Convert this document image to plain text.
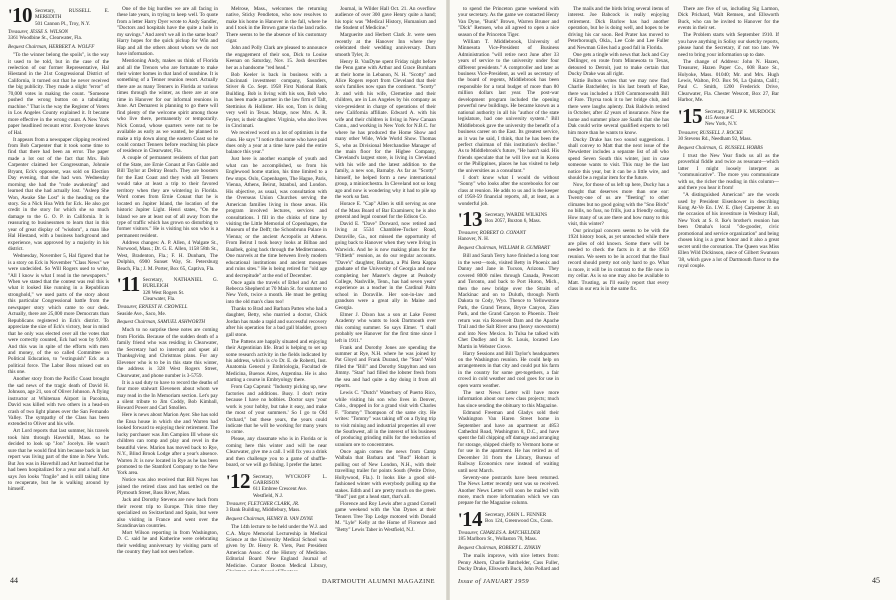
'10 Secretary, RUSSELL E. MEREDITH
501 Cannon Pl., Troy, N.Y.

Treasurer, JESSE S. WILSON
3361 Woodbine St., Clearwater, Fla.

Bequest Chairman, HERBERT A. WOLFF

"To the winner belong the spoils", is the way it used to be told, but in the case of the reelection of our former Representative, Hal Hiestand in the 21st Congressional District of California, it turned out that he never received the big publicity. They made a slight "error" of 70,000 votes in making the count. "Someone pushed the wrong button on a tabulating machine." That is the way the Register of Voters in Los Angeles County explained it. It became more effective in the wrong count. A New York paper headlined recount error. Everyone knows of Hal.

It appears from a newspaper clipping received from Bob Carpenter that it took some time to find that there had been an error. The paper made a lot out of the fact that Mrs. Bob Carpenter claimed her Congressman, Johnnie Bryant, Eck's opponent, was sold on Election Day evening, that she had won. Wednesday morning she had the "rude awakening" and learned that she had actually lost. "Asleep She Won, Awake She Lost" is the heading on the story. So a Nick Hoa With for Eck. He also got credit in the story for which she so much damage to the G. O. P. in California. It is reassuring to businessmen to learn that in this year of great display of "wisdom", a man like Hal Hiestand, with a business background and experience, was approved by a majority in his district.

Wednesday, November 5, Hal figured that he is a story on Eck in November "Class News" we were undecided. So Will Rogers used to write, "All I know is what I read in the newspapers." When we stated that the contest was real this is what it looked like running in a Republican stronghold," we used parts of the story about this particular Congressional battle from the newspaper story which came to our desk. Actually, there are 25,000 more Democrats than Republicans registered in Eck's district. To appreciate the size of Eck's victory, bear in mind that he only was elected over all the votes that were correctly counted, Eck had won by 9,000. And this was in spite of the efforts with men and money, of the so called Committee on Political Education, to "extinguish" Eck as a political force. The Labor Boss missed out on this one.

Another story from the Pacific Coast brought the sad news of the tragic death of David H. Johnson, age 21, son of Oliver Johnson. A flying instructor at Whiteman Airport in Pacoima, David was killed with two others in a head-on crash of two light planes over the San Fernando Valley. The sympathy of the Class has been extended to Oliver and his wife.

Art Lord reports that last summer, his travels took him through Haverhill, Mass. so he decided to look up "Jon" Jocelyn. He wasn't sure that he would find him because back in last report was living part of the time in New York. But Jon was in Haverhill and Art learned that he had been hospitalized for a year and a half. Art says Jon looks "fragile" and is still taking time to recuperate, but he is walking around by himself.

One of the big hurdles we are all facing in these late years, in trying to keep well. To quote from a letter Harry Dyer wrote to Andy Sandler, "Doctors and hospitals have the quite a hole in my savings." And aren't we all in the same boat? Harry hopes for the quick pickup for Win and Hap and all the others about whom we do not have information.

Mentioning Andy, makes us think of Florida and all the Trenors who are fortunate to make their winter homes in that land of sunshine. It is something of a Tenner reunion resort. Actually there are as many Tenners in Florida at various times through the winter, as there are at one time in Hanover for our informal reunions in June. Art Demarest is planning to go there will find plenty of the welcome spirit among those who live there, permanently or temporarily. Nick Conrad, whose quarters were not to be available as early as we wanted, be planned to make a trip down along the eastern Coast so he could contact Tenners before reaching his place of residence in Clearwater, Fla.

A couple of permanent residents of that part of the State, are Ernie Conaut at Fan Gable and Bill Taylor at Delray Beach. They are boosters for the East Coast and they wish all Tenners would take at least a trip to their favored territory when they are wintering in Florida. Word comes from Ernie Conaut that he is located on Jupiter Island, the location of the historic Jupiter Light. Henri states, "On the Island we are at least out of all away from the type of traffic which has grown so disturbing to former visitors." He is visiting his son who is a permanent resident.

Address changes: A. P. Allen, 4 Walgate St., Norwood, Mass.; Dr. G. E. Allen, 1158 58th St., West, Bradenton, Fla.; F. H. Dunham, The Dolphin, 6900 Sunset Way, St. Petersburg Beach, Fla.; J. M. Porter, Box 65, Captiva, Fla.

'11 Secretary, NATHANIEL G. BURLEIGH
328 West Rogers St.
Clearwater, Fla.

Treasurer, ERNEST H. CROWELL
Seaside Ave., Saco, Me.

Bequest Chairman, SAMUEL ASHWORTH

Much to no surprise these notes are coming from Florida. Because of the sudden death of a family friend who was residing in Clearwater, the Secretary had to interrupt and upset all Thanksgiving and Christmas plans. For any Elevener who is to be in this state this winter, the address is 328 West Rogers Street, Clearwater, and phone number is 3-5759.

It is a sad duty to have to record the deaths of four more stalwart Eleveners about whom we may read in the In Memoriam section. Let's pay a silent tribute to Jim Coddy, Bob Kimball, Howard Power and Carl Smollen.

Here is news about Marion Ayer. She has sold the Ensa house in which she and Warren had looked forward to enjoying their retirement. The lucky purchaser was Jim Campion III whose six children can romp and play and revel in the beautiful view. Marion has moved back to Rye, N.Y., Blind Brook Lodge after a year's absence. Warren Jr. is now located in Rye as he has been promoted to the Stamford Company to the New York area.

Notice was also received that Bill Noyes has joined the retired class and has settled on the Plymouth Street, Bass River, Mass.

Jack and Dorothy Stevens are now back from their recent trip to Europe. This time they specialized on Switzerland and Spain, but were also visiting in France and went over the Scandinavian countries.

Mort Wilson reporting in from Washington, D. C. said he and Katherine were celebrating their wedding anniversary by visiting parts of the country they had not seen before.

Melrose, Mass., welcomes the returning native, Sticky Pendleton, who now resolves to make his home in Hanover in the fall, where he and I took in the Brown game via the land radio. There seems to be the absence of his customary cigar.

John and Polly Clark are pleased to announce the engagement of their son, Dick to Louise Keenan on Saturday, Nov. 15. Josh describes her as a handsome "red head."

Bob Keeler is back in business with a Cincinnati investment company, Saunders, Stiver & Co. Sept. 1958 First National Bank Building. Bob is living with his son, Bob who has been made a partner in the law firm of Taft, Stettinius & Hollister. His son, Tom is doing very well in Texas. Marge, now Mrs. A. R. Feyter, is their daughter. Virginia, who also lives in Cincinnati.

We received word on a lot of optimists in the class. He says "I notice that some who have paid dues only a year at a time have paid the entire balance this year."

Just here is another example of youth and what can be accomplished, so from his Englewood home station, his time limited to a few stops. Oslo, Copenhagen, The Hague, Paris, Vienna, Athens, Beirut, Istanbul, and London. His objective, as usual, was consultation with the Overseas Union Churches serving the American families living in those areas. His program involved lectures, services and consultations. I fill in the chinks of time by visiting the Little Memorial of Copenhagen, the Museum of the Delft; the Schonbrunn Palace in Vienna; or the ancient Acropolis at Athens. From Beirut I took heavy looks at Bilbao and Baalbek, going back through the Mediterranean. One marvels at the time between lively modern educational institutions and ancient mosques and ruins sites." He is being retired for "old age and decrepitude" at the end of December.

Once again the travels of Ethel and Art and Rebecca Shepherd at 70 Main St. for summer to New York, twice a month. He must be getting into the old man's class too!

Thanks to Brad and Barbara Patten who had a daughter, Betty, who married a doctor, Chick Jordan has made a rapid and successful recovery after his operation for a bad gall bladder, grown gall stone.

The Pattens are happily situated and enjoying their Argentinian life. Brad is helping to set up some research activity in the fields indicated by his address, which is c/o Dr. E. de Roberti, Inst. Anatomia General y Embriologia, Facultad de Medicina, Buenos Aires, Argentina. He is also starting a course in Embryology there.

From Cap Capruni: "Industry picking up, new factories and additions. Busy. I don't retire because I have no hobbies. Doctor says 'your work is your hobby, but take it easy, and make the most of your summers.' So I go to Old Orchard," but these years, the years could indicate that he will be working for many years to come.

Please, any classmate who is in Florida or is coming here this winter and will be near Clearwater, give me a call. I will fix you a drink and then challenge you to a game of shuffle-board, or we will go fishing. I prefer the latter.

'12 Secretary, WYCKOFF L. GARRISON
611 Embree Crescent Ave.
Westfield, N.J.

Treasurer, FLETCHER CLARK, JR.
3 Bank Building, Middlebury, Mass.

Bequest Chairman, HENRY B. VAN DYNE

The 14th lecture to be held under the W.J. and C.A. Mayo Memorial Lectureship in Medical Science at the University Medical School was given by Dr. Henry R. Viets, Past President American Assoc. of the History of Medicine. Editorial Board New England Journal of Medicine. Curator Boston Medical Library,

Journal, in Wilder Hall Oct. 21. An overflow audience of over 300 gave Henry quite a hand; his topic was "Medical History, Humanism and the Student of Medicine."

Marguerite and Herbert Clark Jr. were seen recently at the Hanover Inn where they celebrated their wedding anniversary. Durn smooth Tyler, Jr.

Henry B. VanDyne spent Friday night before the Penn game with Arthur and Grace Burnham at their home in Lebanon, N. H. "Scotty" and Alice Rogers report from Cleveland that their son's families now span the continent. "Scotty" Jr. and with his wife, Clemetine and their children, are in Los Angeles by his company as vice-president in charge of operations of their new California affiliate. Edward A. with his wife and their children is living in New Canaan Conn., and working in New York for N.B.C. for where he has produced the Home Show and many other Wide, Wide World Show. Thomas S., who as Divisional Merchandise Manager of the main floor for the Higbee Company, Cleveland's largest store, is living in Cleveland with his wife and the latest addition to the family, a new son, Barnaby. As far as "Scotty" himself, he helped form a new international group, a miniorchestra. In Cleveland not so long ago and now is wondering why it had to pile up the work so fast.

Horace E. "Cap" Allen is still serving as one of the Mass Board of Bar Examiners; he is also general and legal counsel for the Edison Co.

David E. "Dave" Dorward, now retired and living at 5534 Chamblee-Tucker Road, Doraville, Ga., not missed the opportunity of going back to Hanover when they were living in Warwick. And he is now making plans for the "Fiftieth" reunion, as do our regular accounts. "Dave's" daughter, Barbara, a Phi Beta Kappa graduate of the University of Georgia and now completing her Master's degree at Peabody College, Nashville, Tenn., has had seven years' experience as a teacher in the Cardinal Palm school in Doraville. Her son-in-law and grandson were a great ally in Maine and Georgia.

Elmer J. Dixon has a son at Lake Forest Academy who wants to look Dartmouth over this coming summer. So says Elmer. "I shall probably see Hanover for the first time since I left in 1911."

Frank and Dorothy Jones are spending the summer at Rye, N.H. where he was joined by Pat Gloyd and Frank Durand, the "Stan" Wold filled the "Bill" and Dorothy Stapylton and son Jimmy. "Stan" had filled the lobster fresh from the sea and had quite a day doing it from all reports.

Lewis C. "Dutch" Waterbury of Puerto Rico, while visiting his son who lives in Denver, Colo., dropped in for a grand visit with Charles F. "Tommy" Thompson of the same city. He writes: "Tommy" was taking off on a flying trip to visit mining and industrial properties all over the Southwest, all in the interest of his business of producing grinding mills for the reduction of uranium ore to concentrates.

Once again comes the news from Camp Walbala that Barbara and "Bud" Hobart is pulling out of New London, N.H., with their travelling trailer for points South (Petite Drive, Hollywood, Fla.). It looks like a good old-fashioned winter with everybody pulling up the stakes. Edith and I are pretty much on the green. "Bud" just got a head start, that's all.

Florence and Roy Lewis after a grand Cornell game weekend with the Van Dynes at their Tenners Tree Top Lodge motored with Donald M. "Lyle" Kelly at the Home of Florence and "Betty" Lewis Taber in Westfield, N.J.

44	DARTMOUTH ALUMNI MAGAZINE

to spend the Princeton game weekend with your secretary. As the game we contacted Henry Van Dyne, "Bunk" Brown, Warren Bruner and "Dick" Remsen, who all agreed to open a nice season of the Princeton Tiger.

William T. Middlebrook, University of Minnesota Vice-President of Business Administration "will retire next June after 33 years of service to the university under four different presidents." A comptroller and later as business Vice-President, as well as secretary of the board of regents, Middlebrook has been responsible for a total budget of more than 80 million dollars last year. The post-war development program included the opening powerful new buildings. He became known as a national authority in all his "author of the state legislature, had one university system." Bill Middlebrook gave the university the benefit of a business career on the East. Its greatest service, as it was he said, I think, that he has been the perfect chairman of this institution's decline." As to Middlebrook's future, "He hasn't said. His friends speculate that he will live out in Korea or the Philippines, places he has visited to help the universities as a consultant."

I don't know what I would do without "Sonny" who looks after the scorebooks for our class at reunion. He adds to us and is the keeper of 1958-59 financial reports, all, at least, as a wonderful job.

'13 Secretary, WARDE WILKINS
Box 2057, Buxton 6, Mass.

Treasurer, ROBERT O. CONANT
Hanover, N. H.

Bequest Chairman, WILLIAM B. GUMBART

Bill and Sarah Terry have finished a long tour in the west—took, visited Betty in Phoenix and Danny and Jane in Tucson, Arizona. They covered 8000 miles through Canada, Prescott and Toronto, and back to Port Huron, Mich., then the new bridge over the Straits of Mackinac and on to Duluth, through North Dakota to Cody, Wyo. Thence to Yellowstone Park, the Grand Tetons, Bryce Canyon, Zion Park, and the Grand Canyon to Phoenix. Their return was via Roosevelt Dam and the Apache Trail and the Salt River area (heavy snowstorm) and into New Mexico. In Tulsa he talked with Chet Dudley and in St. Louis, located Leo Martin in Webster Grove.

Harry Sessions and Bill Taylor's headquarters on the Washington reunion. He could help on arrangements in that city and could put his farm in the country for some get-togethers, a fair crowd in cold weather and cool goes for use in open warm weather.

The next News Letter will have more information about our new class projects; much has since sending the obituary to this Magazine.

Edmund Freeman and Gladys sold their Washington Van Haren Street home in September and have an apartment at 4853 Cathedral Road, Washington 8, D.C., and have spent the fall chipping off damage and arranging for storage, shipped chiefly to Vermont home or for use in the apartment. He has retired as of December 31 from the Library, Bureau of Railway Economics now instead of waiting until next March.

Seventy-one postcards have been returned. The News Letter recently sent was so received. Another News Letter will soon be mailed with more, much more information which we can prepare for the Magazine column.

'14 Secretary, JOHN L. FENNER
Box 124, Greenwood Cts., Conn.

Treasurer, CHARLES A. BATCHELDER
185 Marlboro St., Wollaston 70, Mass.

Bequest Chairman, ROBERT L. ZINKIN

The mails improve, with nice letters from: Penny Ahern, Charlie Batchelder, Cass Fuller, Ducky Drake, Ellsworth Buck, John Pollard and

The mails and the birds bring several items of interest. Joe Babcock is really enjoying retirement. Dick Barlow has had another operation, but he is doing well, and hopes to be driving his car soon. Red Prater has moved to Peterborough, Okla., Lee Cole and Lee Fuller and Newman Giles had a good fall in Florida.

One gets a tingle with news that Jack and Coy Dellinger, en route from Minnesota to Texas, detoured to Detroit, just to make certain that Ducky Drake was all right.

Kittie Bolton writes that we may now find Charlie Batchelder, in his last breath of Rae, there was included a 1920 Commonwealth Bill of Fare. Thyrsa took it to her bridge club, and there were laughs aplenty. Dak Baldwin retired in October, after 42 years of insurance. Now the home and summer place are Saathi that she has Dak could write several qualified experts to tell him more than he wants to know.

Ducky Drake has two sound suggestions. I shall convey to Matt that the next issue of the Newsletter includes a separate list of all who spend Seven South this winter, just in case someone wants to visit. This may be the last notice this year, but it can be a little wire, and should be a regular item for the future.

Now, for those of us left up here, Ducky has a thought that deserves more than one ear: Twenty-one of us are "fleeting" to other climates but no good going with the "Sno Birds" no bills, no fuss, no frills, just a friendly outing. How many of us are there and how many to this visit, this winter?

Our principal concern seems to be with the 1924 history book, as yet untouched while there are piles of old known. Some there will be needed to check the facts in it at the 1959 reunion. We seem to be in accord that the final record should pretty not only hard to go. What is more, it will be in contrast to the file now in my cellar. As is so one may also be available to Matt. Trusting, as I'll easily report that every class in our era is in the same fix.

There are five of us, including Sig Larmon, Dick Prichard, Walt Remsen, and Ellsworth Buck, who can be invited to Hanover for the events in their set.

The Problem starts with September 1910. If you have anything in Solisy our sketchy reports, please hand the Secretary, if not too late. We need to bring your information up to date.

The change of Address: John N. Hazen, Treasurer, Hazen Paper Co., 608 Race St., Holyoke, Mass. 01040; Mr. and Mrs. Hugh Lewis, Walton, P.O. Box 96, La Quinta, Calif.; Paul C. Smith, 1200 Frederick Drive, Clearwater, Fla. Chester Wescott, Box 27, Bar Harbor, Me.

'15 Secretary, PHILIP K. MURDOCK
415 Avenue C
New York, N.Y.

Treasurer, RUSSELL J. ROCKE
30 Stevens Rd., Needham 92, Mass.

Bequest Chairman, G. RUSSELL HOBBS

I trust the New Year finds us all as the proverbial fiddle and twice as resonant—which latter I might loosely interpret as "communicative". The more you communicate with us, the richer the reading in this column—and there you hear it from!

"A distinguished American" are the words used by President Eisenhower in describing Kong At-Ve En. I.W. E. (Ike) Carpenter Jr. on the occasion of his investiture in Wesbury Hall, New York at S. 8. Ike's brother's reunion has been Omaha's local "do-gooder, civic promotional and service organization" and being chosen king is a great honor and it also a great secret until the coronation. The Queen was Miss Ellen Wild Dickinson, niece of Gilbert Swanson '38, which gave a lot of Dartmouth flavor to the royal couple.

Issue of JANUARY 1959	45
